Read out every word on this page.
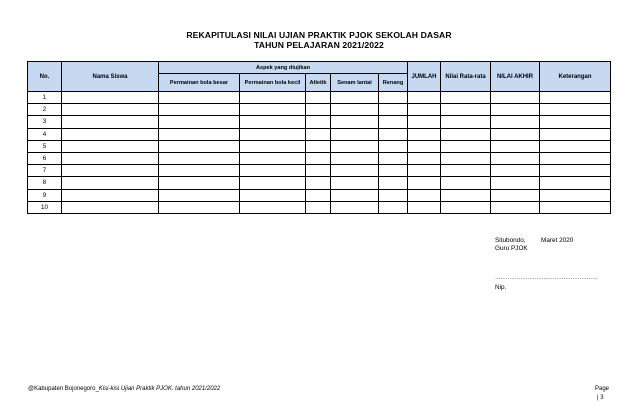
REKAPITULASI NILAI UJIAN PRAKTIK PJOK SEKOLAH DASAR
TAHUN PELAJARAN 2021/2022
No.	Nama Siswa	Aspek yang diujikan					JUMLAH	Nilai Rata-rata	NILAI AKHIR	Keterangan
		Permainan bola besar	Permainan bola kecil	Atletik	Senam lantai	Renang				
1										
2										
3										
4										
5										
6										
7										
8										
9										
10										
Situbondo, Maret 2020
Guru PJOK
…………………………………………………
Nip.
@Kabupaten Bojonegoro_Kisi-kisi Ujian Praktik PJOK. tahun 2021/2022	Page
| 3
